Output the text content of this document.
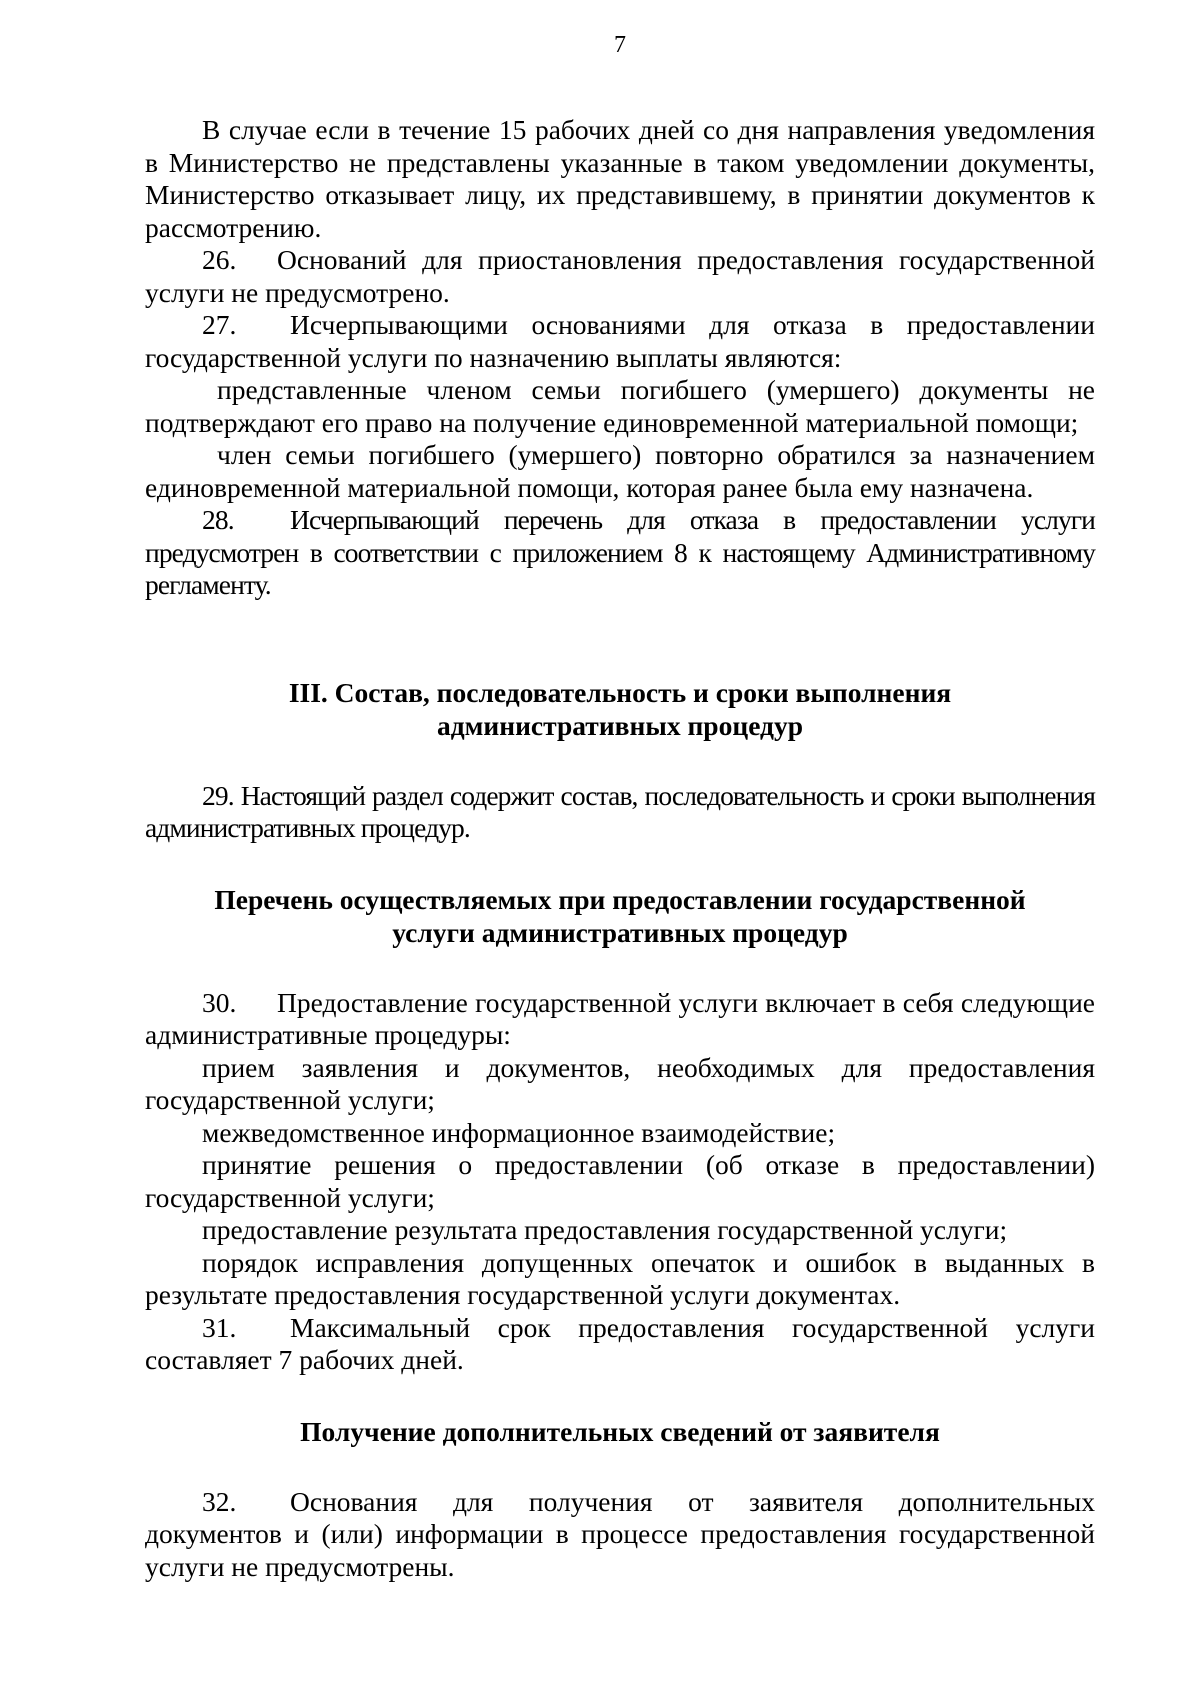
7

В случае если в течение 15 рабочих дней со дня направления уведомления в Министерство не представлены указанные в таком уведомлении документы, Министерство отказывает лицу, их представившему, в принятии документов к рассмотрению.

26. Оснований для приостановления предоставления государственной услуги не предусмотрено.

27. Исчерпывающими основаниями для отказа в предоставлении государственной услуги по назначению выплаты являются:

представленные членом семьи погибшего (умершего) документы не подтверждают его право на получение единовременной материальной помощи;

член семьи погибшего (умершего) повторно обратился за назначением единовременной материальной помощи, которая ранее была ему назначена.

28. Исчерпывающий перечень для отказа в предоставлении услуги предусмотрен в соответствии с приложением 8 к настоящему Административному регламенту.

III. Состав, последовательность и сроки выполнения
административных процедур

29. Настоящий раздел содержит состав, последовательность и сроки выполнения административных процедур.

Перечень осуществляемых при предоставлении государственной
услуги административных процедур

30. Предоставление государственной услуги включает в себя следующие административные процедуры:

прием заявления и документов, необходимых для предоставления государственной услуги;

межведомственное информационное взаимодействие;

принятие решения о предоставлении (об отказе в предоставлении) государственной услуги;

предоставление результата предоставления государственной услуги;

порядок исправления допущенных опечаток и ошибок в выданных в результате предоставления государственной услуги документах.

31. Максимальный срок предоставления государственной услуги составляет 7 рабочих дней.

Получение дополнительных сведений от заявителя

32. Основания для получения от заявителя дополнительных документов и (или) информации в процессе предоставления государственной услуги не предусмотрены.
